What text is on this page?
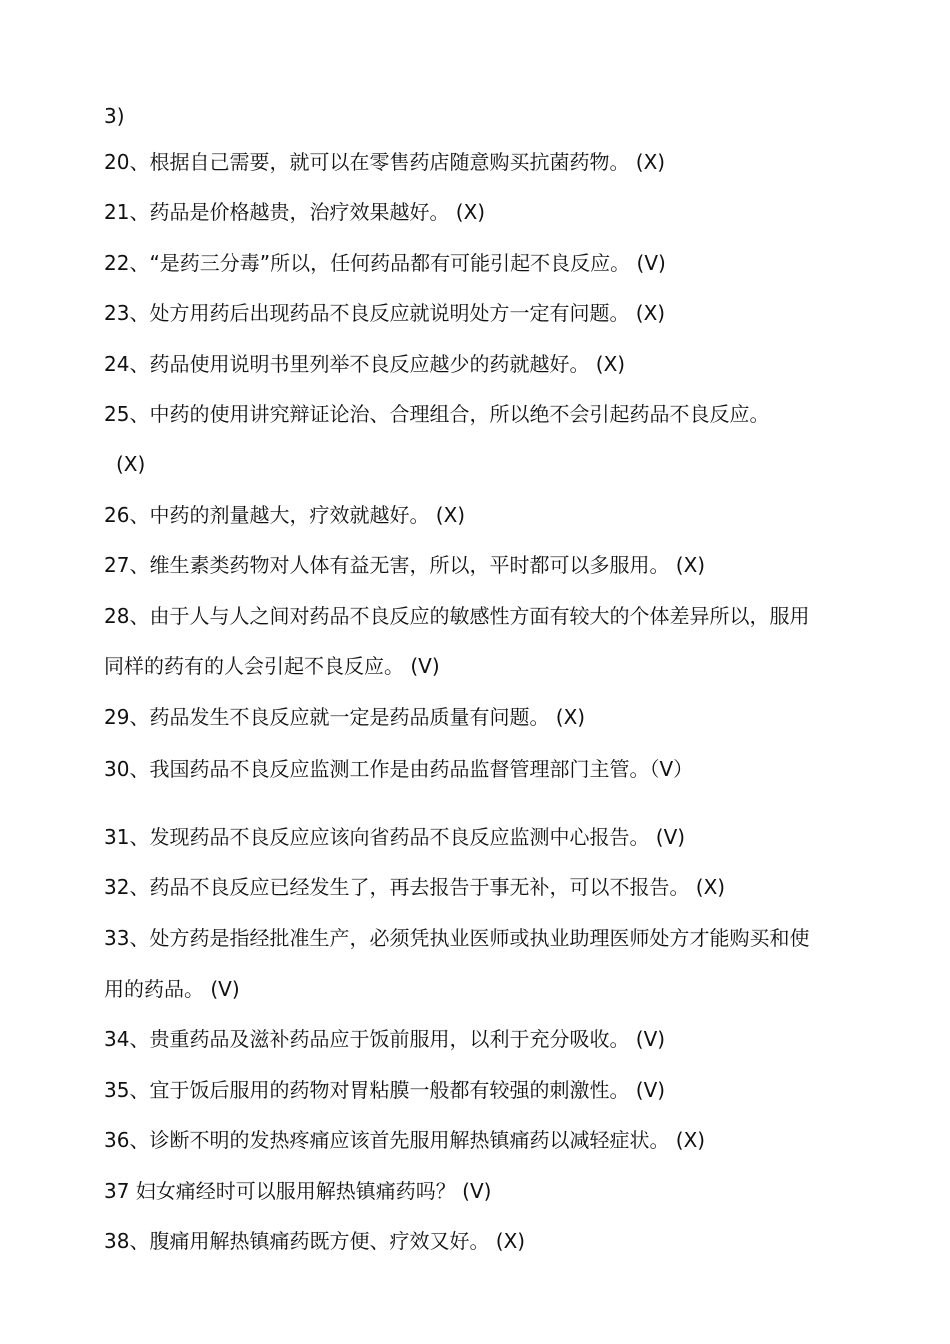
3)
20、根据自己需要，就可以在零售药店随意购买抗菌药物。 (X)
21、药品是价格越贵，治疗效果越好。 (X)
22、“是药三分毒”所以，任何药品都有可能引起不良反应。 (V)
23、处方用药后出现药品不良反应就说明处方一定有问题。 (X)
24、药品使用说明书里列举不良反应越少的药就越好。 (X)
25、中药的使用讲究辩证论治、合理组合，所以绝不会引起药品不良反应。
(X)
26、中药的剂量越大，疗效就越好。 (X)
27、维生素类药物对人体有益无害，所以，平时都可以多服用。 (X)
28、由于人与人之间对药品不良反应的敏感性方面有较大的个体差异所以，服用
同样的药有的人会引起不良反应。 (V)
29、药品发生不良反应就一定是药品质量有问题。 (X)
30、我国药品不良反应监测工作是由药品监督管理部门主管。（V）
31、发现药品不良反应应该向省药品不良反应监测中心报告。 (V)
32、药品不良反应已经发生了，再去报告于事无补，可以不报告。 (X)
33、处方药是指经批准生产，必须凭执业医师或执业助理医师处方才能购买和使
用的药品。 (V)
34、贵重药品及滋补药品应于饭前服用，以利于充分吸收。 (V)
35、宜于饭后服用的药物对胃粘膜一般都有较强的刺激性。 (V)
36、诊断不明的发热疼痛应该首先服用解热镇痛药以减轻症状。 (X)
37 妇女痛经时可以服用解热镇痛药吗？ (V)
38、腹痛用解热镇痛药既方便、疗效又好。 (X)
